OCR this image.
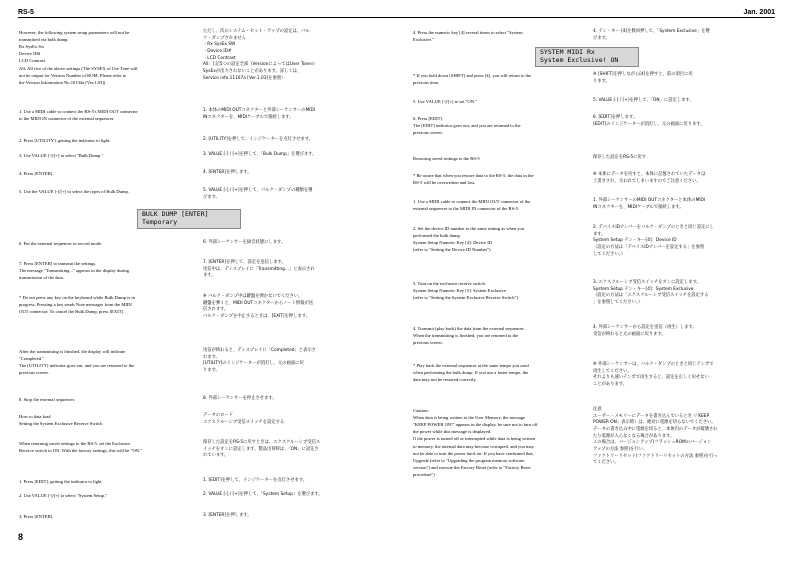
RS-5	Jan. 2001
However, the following system setup parameters will not be
transmitted via bulk dump.
Rx SysEx Sw
Device ID#
LCD Contrast
All: All five of the above settings (The SYSEX of Use Tone will
not be output for Version Number of ROM. Please refer to
the Version Information No.10134a [Ver.1.03])
1. Use a MIDI cable to connect the RS-5's MIDI OUT connector
to the MIDI IN connector of the external sequencer.
2. Press [UTILITY], getting the indicator to light.
3. Use VALUE [-]/[+] to select "Bulk Dump."
4. Press [ENTER].
5. Use the VALUE [-]/[+] to select the types of Bulk Dump.
6. Put the external sequencer in record mode.
7. Press [ENTER] to transmit the settings.
The message "Transmitting..." appears in the display during
transmission of the data.
* Do not press any key on the keyboard while Bulk Dump is in
progress. Pressing a key sends Note messages from the MIDI
OUT connector. To cancel the Bulk Dump, press [EXIT].
After the transmitting is finished, the display will indicate
"Completed."
The [UTILITY] indicator goes out, and you are returned to the
previous screen.
8. Stop the external sequencer.
How to data load
Setting the System Exclusive Receive Switch
When returning saved settings to the RS-5, set the Exclusive
Receive switch to ON. With the factory settings, this will be "ON."
1. Press [EDIT], getting the indicator to light.
2. Use VALUE [-]/[+] to select "System Setup."
3. Press [ENTER].
ただし、次のシステム・セット・アップの設定は、バル
ク・ダンプされません
・Rx SysEx SW
・Device ID#
・LCD Contrast
All: 上記5つの設定全部（VersionによってはUser Toneの
SysExが出力されないことがあります。詳しくは、
Service info.11107a [Ver.1.03]を参照）
1. 本体のMIDI OUTコネクターと外部シーケンサーのMIDI
INコネクターを、MIDIケーブルで接続します。
2. [UTILITY]を押して、インジケーターを点灯させます。
3. VALUE [-] / [+]を押して、「Bulk Dump」を選びます。
4. [ENTER]を押します。
5. VALUE [-] / [+]を押して、バルク・ダンプの種類を選
びます。
6. 外部シーケンサーを録音状態にします。
7. [ENTER]を押して、設定を送信します。
送信中は、ディスプレイに「Transmitting...」と表示され
ます。
※ バルク・ダンプ中は鍵盤を弾かないでください。
鍵盤を弾くと、MIDI OUTコネクターからノート情報が送
信されます。
バルク・ダンプを中止するときは、[EXIT]を押します。
送信が終わると、ディスプレイに「Completed」と表示さ
れます。
[UTILITY]のインジケーターが消灯し、元の画面に戻
ります。
8. 外部シーケンサーを停止させます。
データのロード
エクスクルーシブ受信スイッチを設定する
保存した設定をRS-5に戻すときは、エクスクルーシブ受信ス
イッチをオンに設定します。製品出荷時は、「ON」に設定さ
れています。
1. [EDIT]を押して、インジケーターを点灯させます。
2. VALUE [-] / [+]を押して、「System Setup」を選びます。
3. [ENTER]を押します。
4. Press the numeric key [4] several times to select "System
Exclusive."
* If you hold down [SHIFT] and press [4], you will return to the
previous item.
5. Use VALUE [-]/[+] to set "ON."
6. Press [EDIT].
The [EDIT] indicator goes out, and you are returned to the
previous screen.
Restoring saved settings to the RS-5
* Be aware that when you restore data to the RS-5, the data in the
RS-5 will be overwritten and lost.
1. Use a MIDI cable to connect the MIDI OUT connector of the
external sequencer to the MIDI IN connector of the RS-5.
2. Set the device ID number to the same setting as when you
performed the bulk dump.
System Setup Numeric Key [4]: Device ID
(refer to "Setting the Device ID Number")
3. Turn on the exclusive receive switch.
System Setup Numeric Key [5]: System Exclusive
(refer to "Setting the System Exclusive Receive Switch")
4. Transmit (play back) the data from the external sequencer.
When the transmitting is finished, you are returned to the
previous screen.
* Play back the external sequencer at the same tempo you used
when performing the bulk dump. If you use a faster tempo, the
data may not be restored correctly.
Caution:
When data is being written to the User Memory, the message
"KEEP POWER ON!" appears in the display, be sure not to turn off
the power while this message is displayed.
If the power is turned off or interrupted while data is being written
to memory, the internal data may become corrupted, and you may
not be able to turn the power back on. If you have confirmed that,
Upgrade (refer to "Upgrading the program memory software
version") and execute the Factory Reset (refer to "Factory Reset
procedure")
4. テン・キー [4]を数回押して、「System Exclusive」を選
びます。
※ [SHIFT]を押しながら[4]を押すと、前の項目に戻
ります。
5. VALUE [-] / [+]を押して、「ON」に設定します。
6. [EDIT]を押します。
[EDIT]のインジケーターが消灯し、元の画面に戻ります。
保存した設定をRS-5に戻す
※ 本体にデータを戻すと、本体に記憶されていたデータは
上書きされ、失われてしまいますのでご注意ください。
1. 外部シーケンサーのMIDI OUTコネクターと本体のMIDI
INコネクターを、MIDIケーブルで接続します。
2. デバイスIDナンバーをバルク・ダンプのときと同じ設定にし
ます。
System Setup テン・キー[4]：Device ID
（設定の方法は「デバイスIDナンバーを設定する」を参照
してください。）
3. エクスクルーシブ受信スイッチをオンに設定します。
System Setup テン・キー[4]：System Exclusive
（設定の方法は「エクスクルーシブ受信スイッチを設定する
」を参照してください。）
4. 外部シーケンサーから設定を送信（再生）します。
受信が終わると元の画面に戻ります。
※ 外部シーケンサーは、バルク・ダンプのときと同じテンポで
再生してください。
それよりも速いテンポで再生すると、設定を正しく戻せない
ことがあります。
注意：
ユーザー・メモリーにデータを書き込んでいるとき（「KEEP
POWER ON」表示時）は、絶対に電源を切らないでください。
データの書き込み中に電源を切ると、本体内のデータが破壊され
たり電源が入らなくなる場合があります。
この場合は、バージョンアップ(フラッシュROMのバージョン
アップの方法 参照)を行い、
ファクトリーリセット(ファクトリーリセットの方法 参照)を行っ
てください。
BULK DUMP [ENTER]
Temporary
SYSTEM MIDI Rx
System Exclusive! ON
8
